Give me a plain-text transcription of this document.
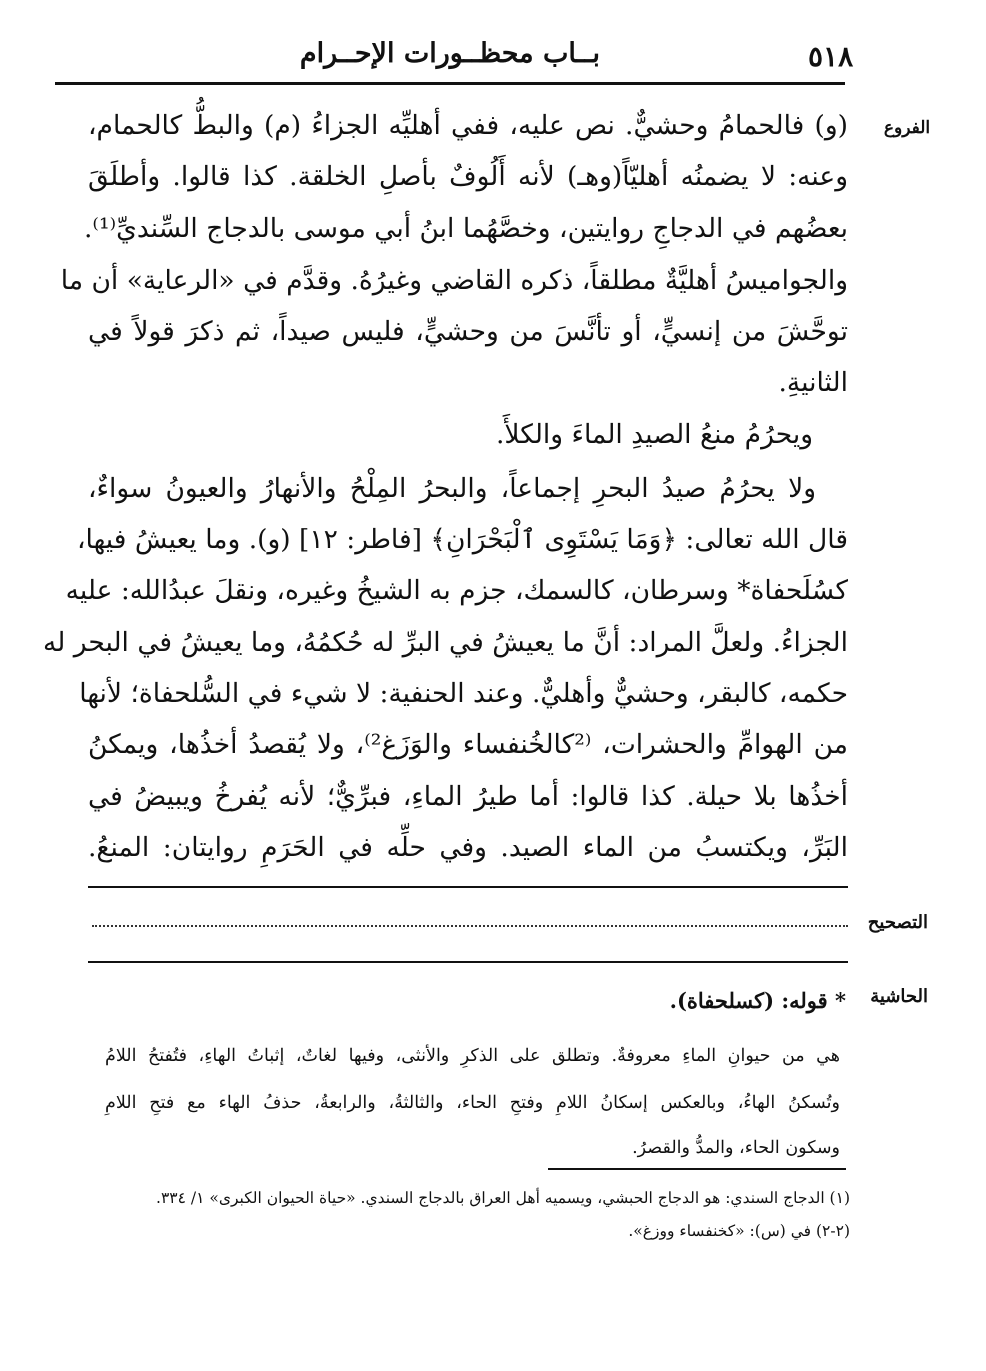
٥١٨
بــاب محظــورات الإحــرام
الفروع
(و) فالحمامُ وحشيٌّ. نص عليه، ففي أهليِّه الجزاءُ (م) والبطُّ كالحمام،
وعنه: لا يضمنُه أهليّاً(وهـ) لأنه أَلُوفٌ بأصلِ الخلقة. كذا قالوا. وأطلَقَ
بعضُهم في الدجاجِ روايتين، وخصَّهُما ابنُ أبي موسى بالدجاج السِّنديِّ⁽¹⁾.
والجواميسُ أهليَّةٌ مطلقاً، ذكره القاضي وغيرُهُ. وقدَّم في «الرعاية» أن ما
توحَّشَ من إنسيٍّ، أو تأنَّسَ من وحشيٍّ، فليس صيداً، ثم ذكرَ قولاً في
الثانيةِ.
ويحرُمُ منعُ الصيدِ الماءَ والكلأَ.
ولا يحرُمُ صيدُ البحرِ إجماعاً، والبحرُ المِلْحُ والأنهارُ والعيونُ سواءٌ،
قال الله تعالى: ﴿وَمَا يَسْتَوِى ٱلْبَحْرَانِ﴾ [فاطر: ١٢] (و). وما يعيشُ فيها،
كسُلَحفاة* وسرطان، كالسمك، جزم به الشيخُ وغيره، ونقلَ عبدُالله: عليه
الجزاءُ. ولعلَّ المراد: أنَّ ما يعيشُ في البرِّ له حُكمُهُ، وما يعيشُ في البحر له
حكمه، كالبقر، وحشيٌّ وأهليٌّ. وعند الحنفية: لا شيء في السُّلحفاة؛ لأنها
من الهوامِّ والحشرات، ⁽²كالخُنفساء والوَزَغ²⁾، ولا يُقصدُ أخذُها، ويمكنُ
أخذُها بلا حيلة. كذا قالوا: أما طيرُ الماءِ، فبرِّيٌّ؛ لأنه يُفرخُ ويبيضُ في
البَرِّ، ويكتسبُ من الماء الصيد. وفي حلِّه في الحَرَمِ روايتان: المنعُ.
التصحيح
الحاشية
* قوله: (كسلحفاة).
هي من حيوانِ الماءِ معروفةٌ. وتطلق على الذكرِ والأنثى، وفيها لغاتٌ، إثباتُ الهاءِ، فتُفتحُ اللامُ
وتُسكنُ الهاءُ، وبالعكس إسكانُ اللامِ وفتحِ الحاء، والثالثةُ، والرابعةُ، حذفُ الهاء مع فتحِ اللامِ
وسكون الحاء، والمدُّ والقصرُ.
(١) الدجاج السندي: هو الدجاج الحبشي، ويسميه أهل العراق بالدجاج السندي. «حياة الحيوان الكبرى» ١/ ٣٣٤.
(٢-٢) في (س): «كخنفساء ووزغ».
